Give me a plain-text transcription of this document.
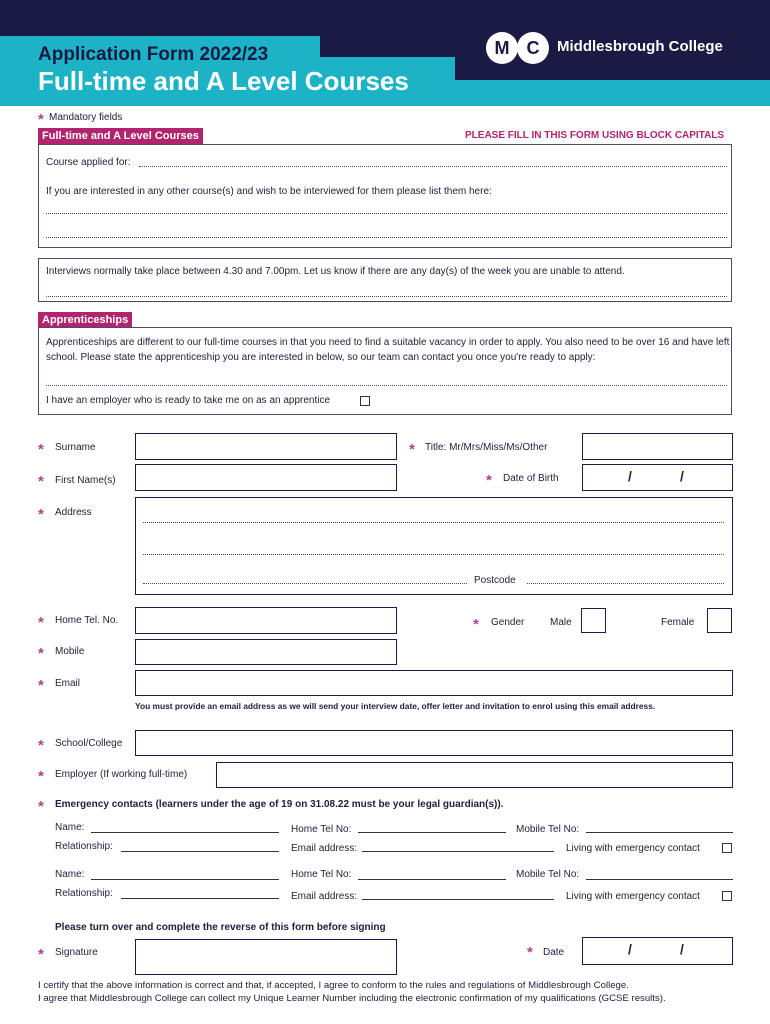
Application Form 2022/23
Full-time and A Level Courses
M C	Middlesbrough College
* Mandatory fields
Full-time and A Level Courses	PLEASE FILL IN THIS FORM USING BLOCK CAPITALS
Course applied for:
If you are interested in any other course(s) and wish to be interviewed for them please list them here:
Interviews normally take place between 4.30 and 7.00pm. Let us know if there are any day(s) of the week you are unable to attend.
Apprenticeships
Apprenticeships are different to our full-time courses in that you need to find a suitable vacancy in order to apply. You also need to be over 16 and have left school. Please state the apprenticeship you are interested in below, so our team can contact you once you're ready to apply:
I have an employer who is ready to take me on as an apprentice
* Surname	* Title: Mr/Mrs/Miss/Ms/Other
* First Name(s)	* Date of Birth	/	/
* Address
Postcode
* Home Tel. No.	* Gender	Male	Female
* Mobile
* Email
You must provide an email address as we will send your interview date, offer letter and invitation to enrol using this email address.
* School/College
* Employer (If working full-time)
* Emergency contacts (learners under the age of 19 on 31.08.22 must be your legal guardian(s)).
Name:	Home Tel No:	Mobile Tel No:
Relationship:	Email address:	Living with emergency contact
Name:	Home Tel No:	Mobile Tel No:
Relationship:	Email address:	Living with emergency contact
Please turn over and complete the reverse of this form before signing
* Signature	* Date	/	/
I certify that the above information is correct and that, if accepted, I agree to conform to the rules and regulations of Middlesbrough College.
I agree that Middlesbrough College can collect my Unique Learner Number including the electronic confirmation of my qualifications (GCSE results).
